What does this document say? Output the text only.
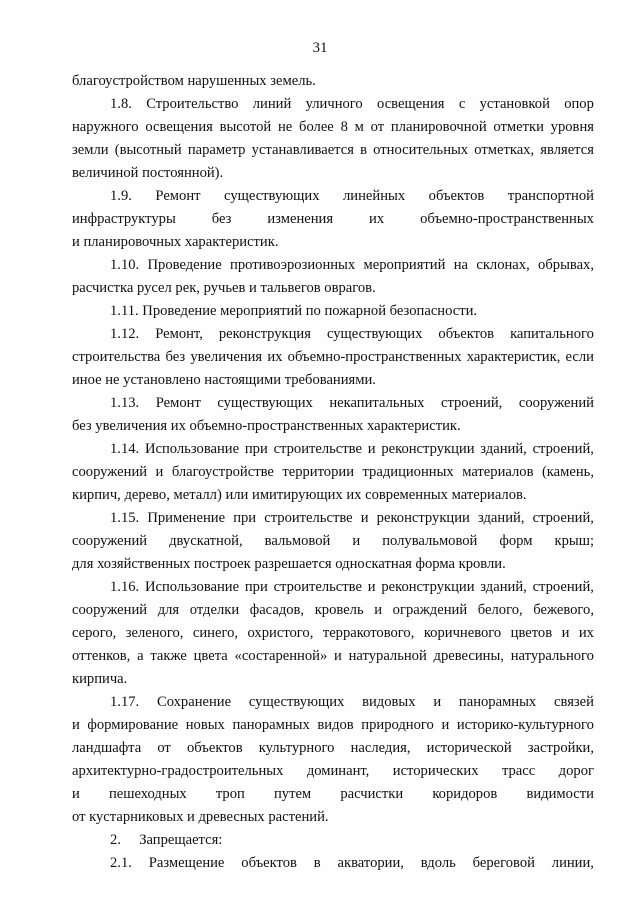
31
благоустройством нарушенных земель.
1.8. Строительство линий уличного освещения с установкой опор
наружного освещения высотой не более 8 м от планировочной отметки уровня
земли (высотный параметр устанавливается в относительных отметках, является
величиной постоянной).
1.9. Ремонт существующих линейных объектов транспортной
инфраструктуры без изменения их объемно-пространственных
и планировочных характеристик.
1.10. Проведение противоэрозионных мероприятий на склонах, обрывах,
расчистка русел рек, ручьев и тальвегов оврагов.
1.11. Проведение мероприятий по пожарной безопасности.
1.12. Ремонт, реконструкция существующих объектов капитального
строительства без увеличения их объемно-пространственных характеристик, если
иное не установлено настоящими требованиями.
1.13. Ремонт существующих некапитальных строений, сооружений
без увеличения их объемно-пространственных характеристик.
1.14. Использование при строительстве и реконструкции зданий, строений,
сооружений и благоустройстве территории традиционных материалов (камень,
кирпич, дерево, металл) или имитирующих их современных материалов.
1.15. Применение при строительстве и реконструкции зданий, строений,
сооружений двускатной, вальмовой и полувальмовой форм крыш;
для хозяйственных построек разрешается односкатная форма кровли.
1.16. Использование при строительстве и реконструкции зданий, строений,
сооружений для отделки фасадов, кровель и ограждений белого, бежевого,
серого, зеленого, синего, охристого, терракотового, коричневого цветов и их
оттенков, а также цвета «состаренной» и натуральной древесины, натурального
кирпича.
1.17. Сохранение существующих видовых и панорамных связей
и формирование новых панорамных видов природного и историко-культурного
ландшафта от объектов культурного наследия, исторической застройки,
архитектурно-градостроительных доминант, исторических трасс дорог
и пешеходных троп путем расчистки коридоров видимости
от кустарниковых и древесных растений.
2.     Запрещается:
2.1. Размещение объектов в акватории, вдоль береговой линии,
